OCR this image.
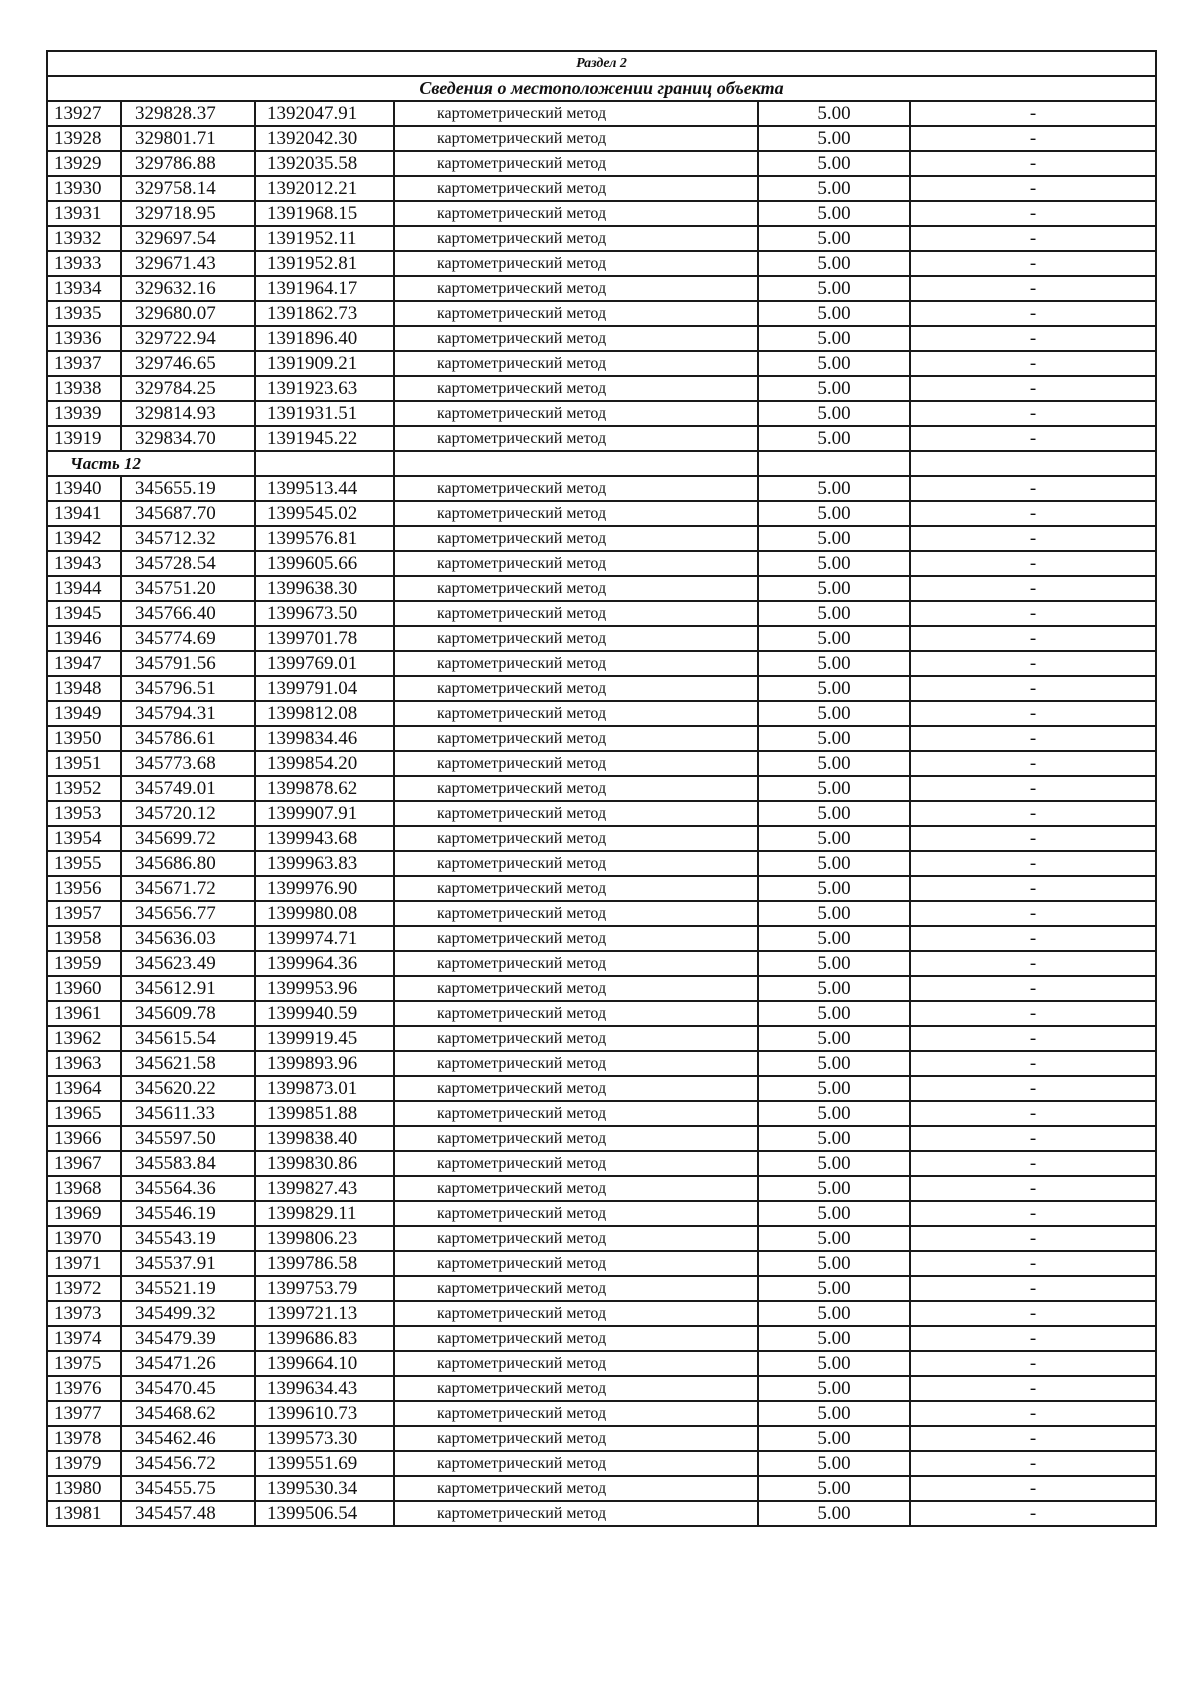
Раздел 2					
Сведения о местоположении границ объекта					
13927	329828.37	1392047.91	картометрический метод	5.00	-
13928	329801.71	1392042.30	картометрический метод	5.00	-
13929	329786.88	1392035.58	картометрический метод	5.00	-
13930	329758.14	1392012.21	картометрический метод	5.00	-
13931	329718.95	1391968.15	картометрический метод	5.00	-
13932	329697.54	1391952.11	картометрический метод	5.00	-
13933	329671.43	1391952.81	картометрический метод	5.00	-
13934	329632.16	1391964.17	картометрический метод	5.00	-
13935	329680.07	1391862.73	картометрический метод	5.00	-
13936	329722.94	1391896.40	картометрический метод	5.00	-
13937	329746.65	1391909.21	картометрический метод	5.00	-
13938	329784.25	1391923.63	картометрический метод	5.00	-
13939	329814.93	1391931.51	картометрический метод	5.00	-
13919	329834.70	1391945.22	картометрический метод	5.00	-
Часть 12					
13940	345655.19	1399513.44	картометрический метод	5.00	-
13941	345687.70	1399545.02	картометрический метод	5.00	-
13942	345712.32	1399576.81	картометрический метод	5.00	-
13943	345728.54	1399605.66	картометрический метод	5.00	-
13944	345751.20	1399638.30	картометрический метод	5.00	-
13945	345766.40	1399673.50	картометрический метод	5.00	-
13946	345774.69	1399701.78	картометрический метод	5.00	-
13947	345791.56	1399769.01	картометрический метод	5.00	-
13948	345796.51	1399791.04	картометрический метод	5.00	-
13949	345794.31	1399812.08	картометрический метод	5.00	-
13950	345786.61	1399834.46	картометрический метод	5.00	-
13951	345773.68	1399854.20	картометрический метод	5.00	-
13952	345749.01	1399878.62	картометрический метод	5.00	-
13953	345720.12	1399907.91	картометрический метод	5.00	-
13954	345699.72	1399943.68	картометрический метод	5.00	-
13955	345686.80	1399963.83	картометрический метод	5.00	-
13956	345671.72	1399976.90	картометрический метод	5.00	-
13957	345656.77	1399980.08	картометрический метод	5.00	-
13958	345636.03	1399974.71	картометрический метод	5.00	-
13959	345623.49	1399964.36	картометрический метод	5.00	-
13960	345612.91	1399953.96	картометрический метод	5.00	-
13961	345609.78	1399940.59	картометрический метод	5.00	-
13962	345615.54	1399919.45	картометрический метод	5.00	-
13963	345621.58	1399893.96	картометрический метод	5.00	-
13964	345620.22	1399873.01	картометрический метод	5.00	-
13965	345611.33	1399851.88	картометрический метод	5.00	-
13966	345597.50	1399838.40	картометрический метод	5.00	-
13967	345583.84	1399830.86	картометрический метод	5.00	-
13968	345564.36	1399827.43	картометрический метод	5.00	-
13969	345546.19	1399829.11	картометрический метод	5.00	-
13970	345543.19	1399806.23	картометрический метод	5.00	-
13971	345537.91	1399786.58	картометрический метод	5.00	-
13972	345521.19	1399753.79	картометрический метод	5.00	-
13973	345499.32	1399721.13	картометрический метод	5.00	-
13974	345479.39	1399686.83	картометрический метод	5.00	-
13975	345471.26	1399664.10	картометрический метод	5.00	-
13976	345470.45	1399634.43	картометрический метод	5.00	-
13977	345468.62	1399610.73	картометрический метод	5.00	-
13978	345462.46	1399573.30	картометрический метод	5.00	-
13979	345456.72	1399551.69	картометрический метод	5.00	-
13980	345455.75	1399530.34	картометрический метод	5.00	-
13981	345457.48	1399506.54	картометрический метод	5.00	-
